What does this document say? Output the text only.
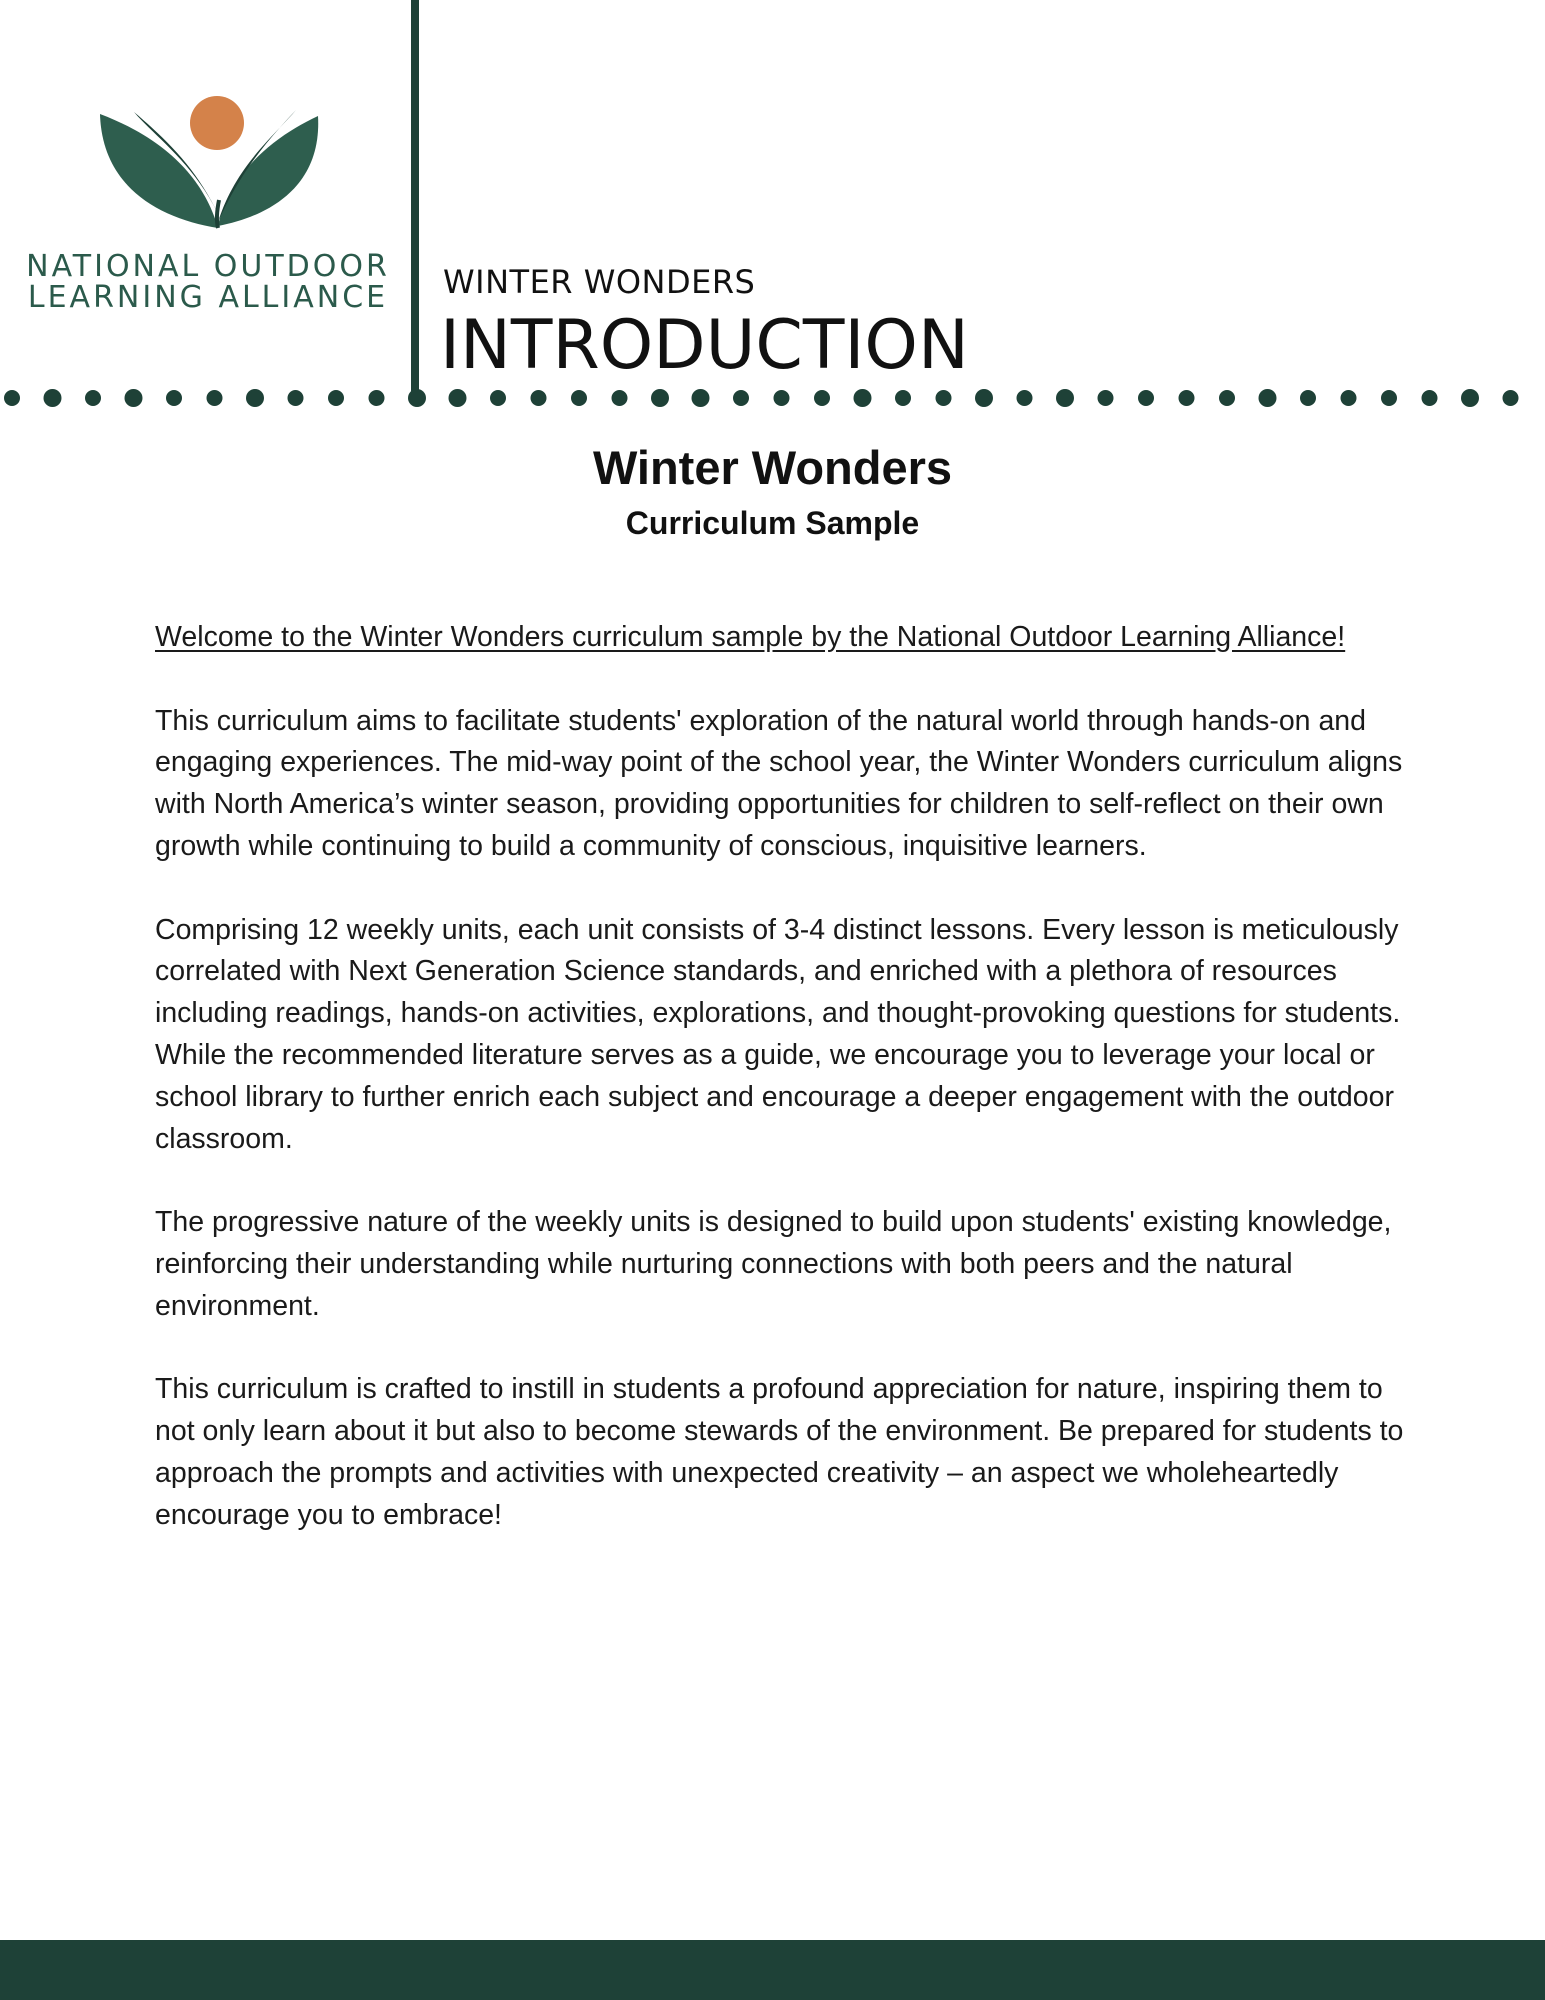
NATIONAL OUTDOOR
LEARNING ALLIANCE WINTER WONDERS
INTRODUCTION
Winter Wonders
Curriculum Sample

Welcome to the Winter Wonders curriculum sample by the National Outdoor Learning Alliance!

This curriculum aims to facilitate students' exploration of the natural world through hands-on and engaging experiences. The mid-way point of the school year, the Winter Wonders curriculum aligns with North America’s winter season, providing opportunities for children to self-reflect on their own growth while continuing to build a community of conscious, inquisitive learners.

Comprising 12 weekly units, each unit consists of 3-4 distinct lessons. Every lesson is meticulously correlated with Next Generation Science standards, and enriched with a plethora of resources including readings, hands-on activities, explorations, and thought-provoking questions for students. While the recommended literature serves as a guide, we encourage you to leverage your local or school library to further enrich each subject and encourage a deeper engagement with the outdoor classroom.

The progressive nature of the weekly units is designed to build upon students' existing knowledge, reinforcing their understanding while nurturing connections with both peers and the natural environment.

This curriculum is crafted to instill in students a profound appreciation for nature, inspiring them to not only learn about it but also to become stewards of the environment. Be prepared for students to approach the prompts and activities with unexpected creativity – an aspect we wholeheartedly encourage you to embrace!
